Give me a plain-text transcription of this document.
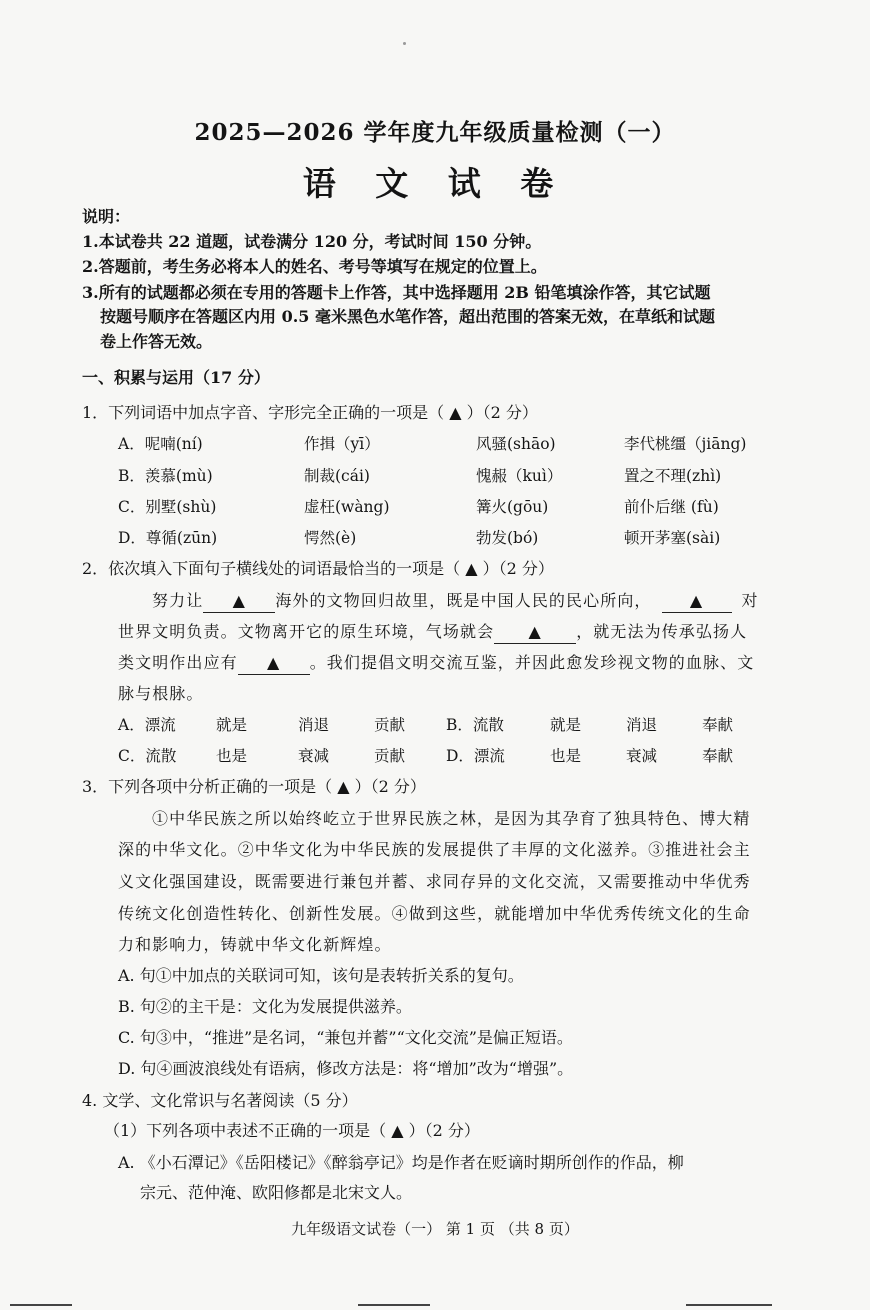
2025—2026 学年度九年级质量检测（一）
语 文 试 卷
说明：
1.本试卷共 22 道题，试卷满分 120 分，考试时间 150 分钟。
2.答题前，考生务必将本人的姓名、考号等填写在规定的位置上。
3.所有的试题都必须在专用的答题卡上作答，其中选择题用 2B 铅笔填涂作答，其它试题
按题号顺序在答题区内用 0.5 毫米黑色水笔作答，超出范围的答案无效，在草纸和试题
卷上作答无效。
一、积累与运用（17 分）
1．下列词语中加点字音、字形完全正确的一项是（ ▲ ）（2 分）
A．呢喃(ní)	作揖（yī）	风骚(shāo)	李代桃缰（jiāng)
B．羡慕(mù)	制裁(cái)	愧赧（kuì）	置之不理(zhì)
C．别墅(shù)	虚枉(wàng)	篝火(gōu)	前仆后继 (fù)
D．尊循(zūn)	愕然(è)	勃发(bó)	顿开茅塞(sài)
2．依次填入下面句子横线处的词语最恰当的一项是（ ▲ ）（2 分）
努力让 ▲ 海外的文物回归故里，既是中国人民的民心所向， ▲ 对
世界文明负责。文物离开它的原生环境，气场就会 ▲ ，就无法为传承弘扬人
类文明作出应有 ▲ 。我们提倡文明交流互鉴，并因此愈发珍视文物的血脉、文
脉与根脉。
A．漂流	就是	消退	贡献	B．流散	就是	消退	奉献
C．流散	也是	衰减	贡献	D．漂流	也是	衰减	奉献
3．下列各项中分析正确的一项是（ ▲ ）（2 分）
①中华民族之所以始终屹立于世界民族之林，是因为其孕育了独具特色、博大精
深的中华文化。②中华文化为中华民族的发展提供了丰厚的文化滋养。③推进社会主
义文化强国建设，既需要进行兼包并蓄、求同存异的文化交流，又需要推动中华优秀
传统文化创造性转化、创新性发展。④做到这些，就能增加中华优秀传统文化的生命
力和影响力，铸就中华文化新辉煌。
A. 句①中加点的关联词可知，该句是表转折关系的复句。
B. 句②的主干是：文化为发展提供滋养。
C. 句③中，“推进”是名词，“兼包并蓄”“文化交流”是偏正短语。
D. 句④画波浪线处有语病，修改方法是：将“增加”改为“增强”。
4. 文学、文化常识与名著阅读（5 分）
（1）下列各项中表述不正确的一项是（ ▲ ）（2 分）
A. 《小石潭记》《岳阳楼记》《醉翁亭记》均是作者在贬谪时期所创作的作品，柳
宗元、范仲淹、欧阳修都是北宋文人。
九年级语文试卷（一） 第 1 页 （共 8 页）
